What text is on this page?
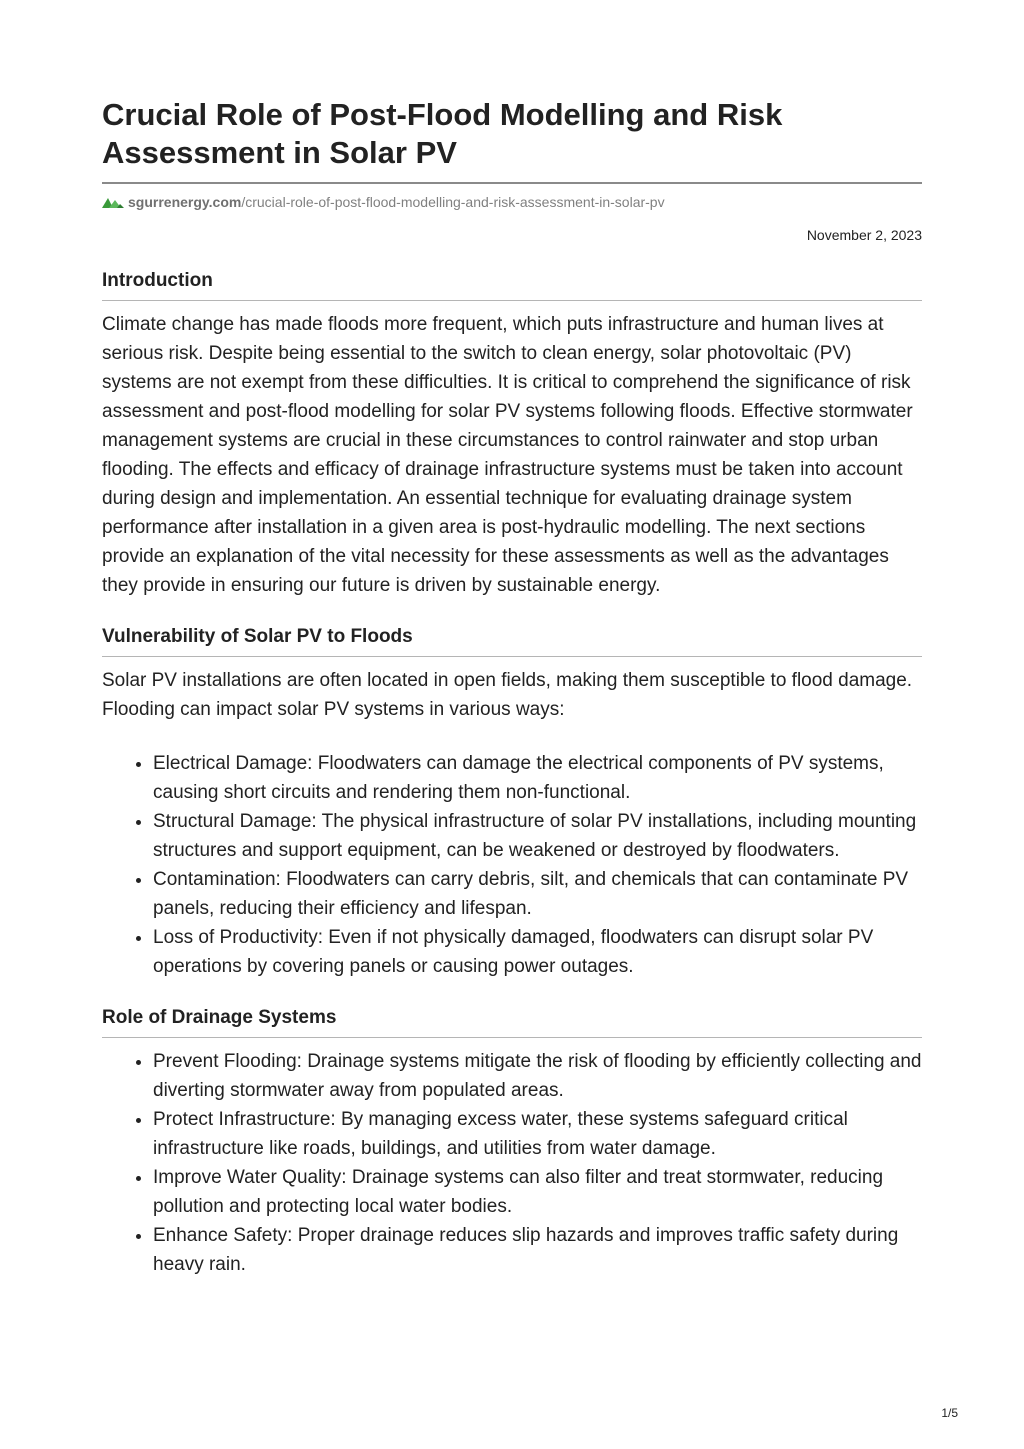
Crucial Role of Post-Flood Modelling and Risk Assessment in Solar PV
sgurrenergy.com /crucial-role-of-post-flood-modelling-and-risk-assessment-in-solar-pv
November 2, 2023
Introduction

Climate change has made floods more frequent, which puts infrastructure and human lives at serious risk. Despite being essential to the switch to clean energy, solar photovoltaic (PV) systems are not exempt from these difficulties. It is critical to comprehend the significance of risk assessment and post-flood modelling for solar PV systems following floods. Effective stormwater management systems are crucial in these circumstances to control rainwater and stop urban flooding. The effects and efficacy of drainage infrastructure systems must be taken into account during design and implementation. An essential technique for evaluating drainage system performance after installation in a given area is post-hydraulic modelling. The next sections provide an explanation of the vital necessity for these assessments as well as the advantages they provide in ensuring our future is driven by sustainable energy.

Vulnerability of Solar PV to Floods

Solar PV installations are often located in open fields, making them susceptible to flood damage.
Flooding can impact solar PV systems in various ways:

• Electrical Damage: Floodwaters can damage the electrical components of PV systems, causing short circuits and rendering them non-functional.
• Structural Damage: The physical infrastructure of solar PV installations, including mounting structures and support equipment, can be weakened or destroyed by floodwaters.
• Contamination: Floodwaters can carry debris, silt, and chemicals that can contaminate PV panels, reducing their efficiency and lifespan.
• Loss of Productivity: Even if not physically damaged, floodwaters can disrupt solar PV operations by covering panels or causing power outages.
Role of Drainage Systems
• Prevent Flooding: Drainage systems mitigate the risk of flooding by efficiently collecting and diverting stormwater away from populated areas.
• Protect Infrastructure: By managing excess water, these systems safeguard critical infrastructure like roads, buildings, and utilities from water damage.
• Improve Water Quality: Drainage systems can also filter and treat stormwater, reducing pollution and protecting local water bodies.
• Enhance Safety: Proper drainage reduces slip hazards and improves traffic safety during heavy rain.
1/5
